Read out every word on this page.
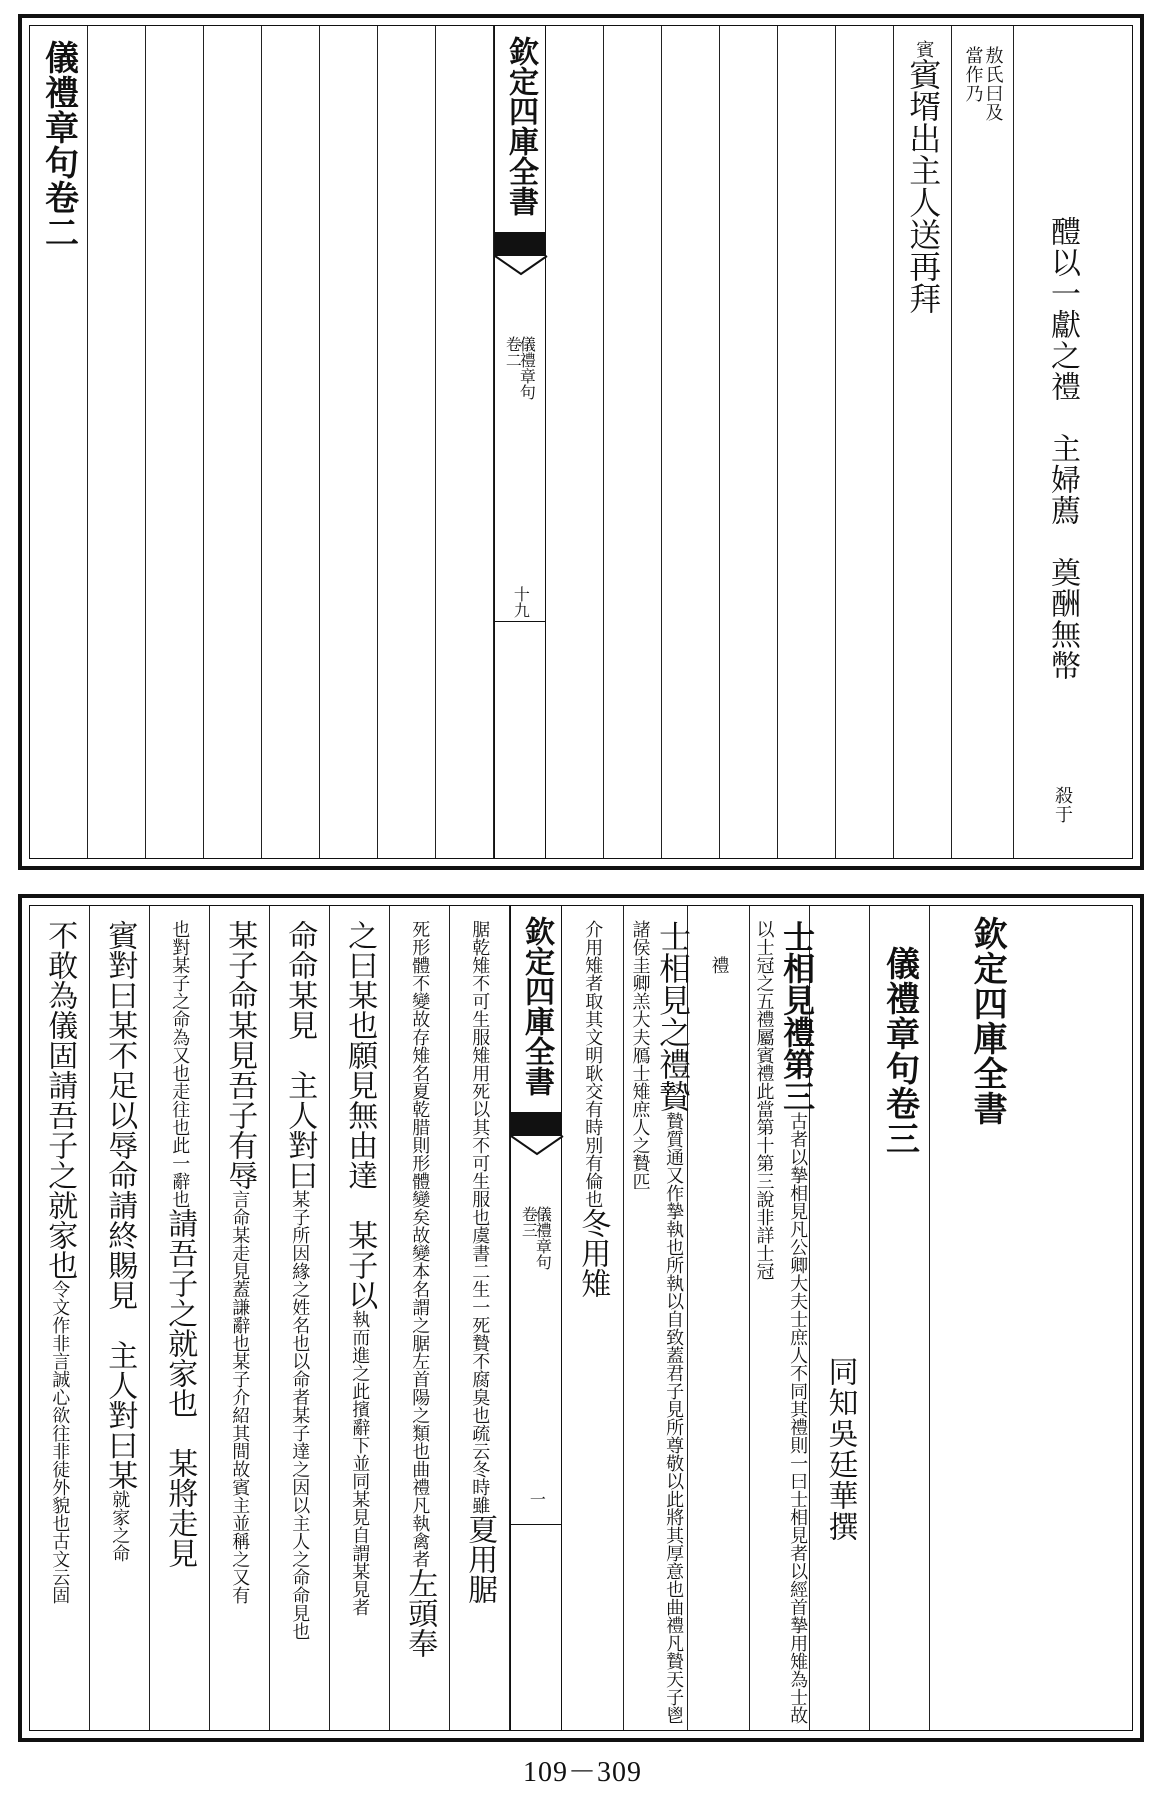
儀禮章句卷二	欽定四庫全書
儀禮章句
卷二
十九
賓賓壻出主人送再拜 當作乃 敖氏曰及
醴以一獻之禮　主婦薦　奠酬無幣
殺于
不敢為儀固請吾子之就家也令文作非言誠心欲往非徒外貌也古文云固 賓對曰某不足以辱命請終賜見　主人對曰某就家之命
也對某子之命為又也走往也此一辭也請吾子之就家也　某將走見
某子命某見吾子有辱言命某走見蓋謙辭也某子介紹其間故賓主並稱之又有
命命某見　主人對曰某子所因緣之姓名也以命者某子達之因以主人之命命見也
之曰某也願見無由達　某子以執而進之此擯辭下並同某見自謂某見者	死形體不變故存雉名夏乾腊則形體變矣故變本名謂之腒左首陽之類也曲禮凡執禽者左頭奉
腒乾雉不可生服雉用死以其不可生服也虞書二生一死贄不腐臭也疏云冬時雖夏用腒
欽定四庫全書
儀禮章句
卷三
一
介用雉者取其文明耿交有時別有倫也冬用雉
士相見之禮贄贄質通又作摯執也所執以自致蓋君子見所尊敬以此將其厚意也曲禮凡贄天子鬯諸侯圭卿羔大夫鴈士雉庶人之贄匹	禮	士相見禮第三古者以摯相見凡公卿大夫士庶人不同其禮則一曰士相見者以經首摯用雉為士故以士冠之五禮屬賓禮此當第十第三說非詳士冠
同知吳廷華撰
儀禮章句卷三 欽定四庫全書
109－309
